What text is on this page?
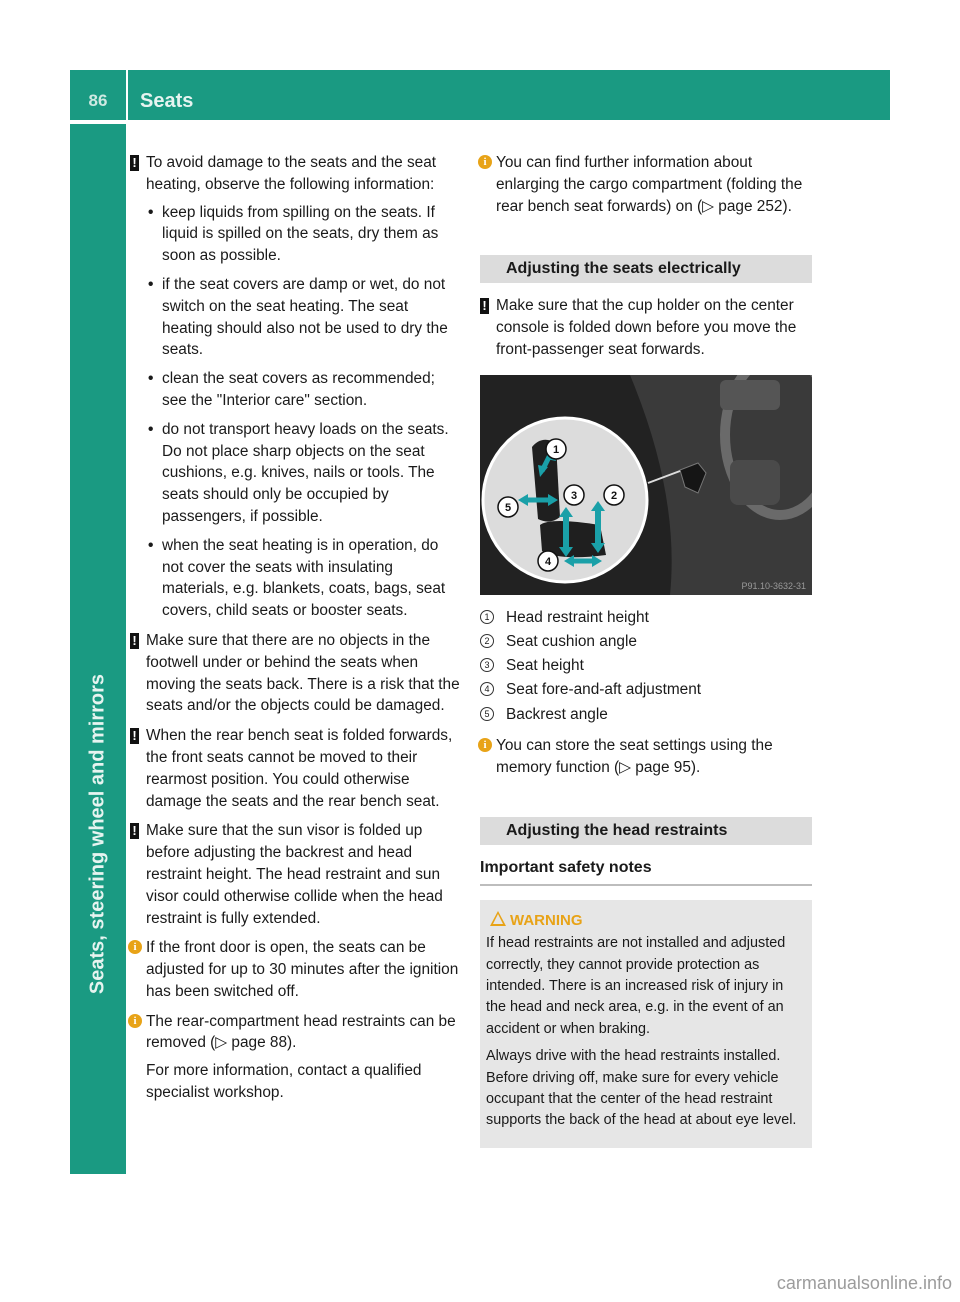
86	Seats
Seats, steering wheel and mirrors
! To avoid damage to the seats and the seat heating, observe the following information:
• keep liquids from spilling on the seats. If liquid is spilled on the seats, dry them as soon as possible.
• if the seat covers are damp or wet, do not switch on the seat heating. The seat heating should also not be used to dry the seats.
• clean the seat covers as recommended; see the "Interior care" section.
• do not transport heavy loads on the seats. Do not place sharp objects on the seat cushions, e.g. knives, nails or tools. The seats should only be occupied by passengers, if possible.
• when the seat heating is in operation, do not cover the seats with insulating materials, e.g. blankets, coats, bags, seat covers, child seats or booster seats.
! Make sure that there are no objects in the footwell under or behind the seats when moving the seats back. There is a risk that the seats and/or the objects could be damaged.
! When the rear bench seat is folded forwards, the front seats cannot be moved to their rearmost position. You could otherwise damage the seats and the rear bench seat.
! Make sure that the sun visor is folded up before adjusting the backrest and head restraint height. The head restraint and sun visor could otherwise collide when the head restraint is fully extended.
i If the front door is open, the seats can be adjusted for up to 30 minutes after the ignition has been switched off.
i The rear-compartment head restraints can be removed (▷ page 88).
For more information, contact a qualified specialist workshop.
i You can find further information about enlarging the cargo compartment (folding the rear bench seat forwards) on (▷ page 252).
Adjusting the seats electrically
! Make sure that the cup holder on the center console is folded down before you move the front-passenger seat forwards.
1
2
3
4
5
P91.10-3632-31
1 Head restraint height
2 Seat cushion angle
3 Seat height
4 Seat fore-and-aft adjustment
5 Backrest angle
i You can store the seat settings using the memory function (▷ page 95).
Adjusting the head restraints
Important safety notes
WARNING

If head restraints are not installed and adjusted correctly, they cannot provide protection as intended. There is an increased risk of injury in the head and neck area, e.g. in the event of an accident or when braking.

Always drive with the head restraints installed. Before driving off, make sure for every vehicle occupant that the center of the head restraint supports the back of the head at about eye level.

carmanualsonline.info
